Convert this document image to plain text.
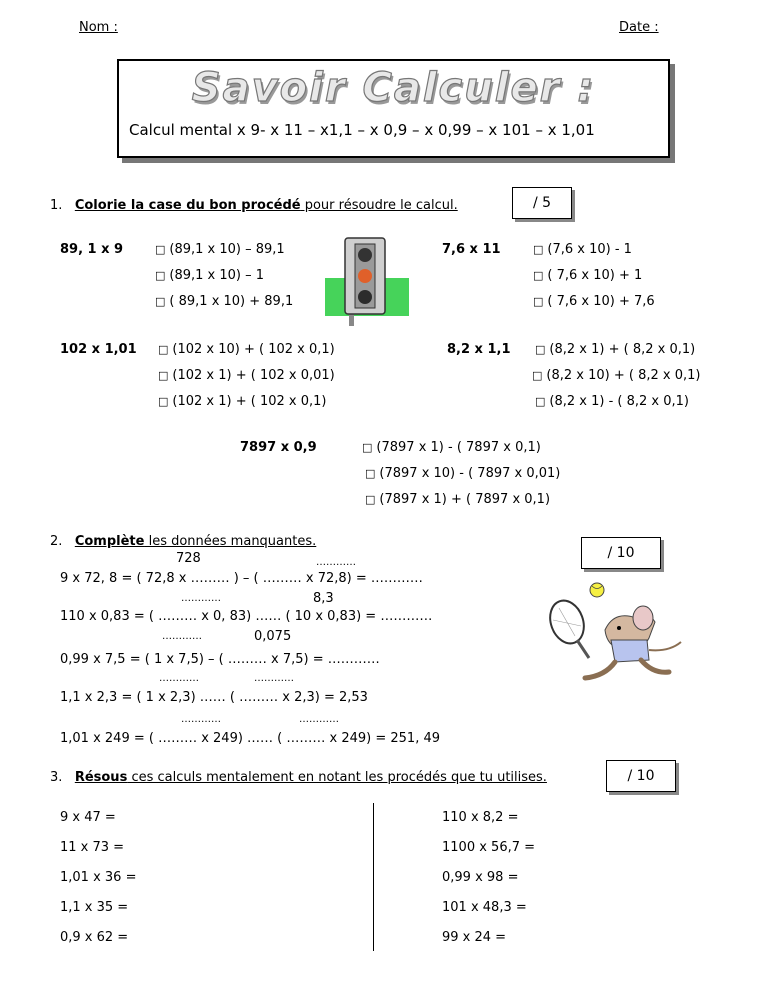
Nom :	Date :
Savoir Calculer :
Calcul mental x 9- x 11 – x1,1 – x 0,9 – x 0,99 – x 101 – x 1,01
1. Colorie la case du bon procédé pour résoudre le calcul.	/ 5
89, 1 x 9	□ (89,1 x 10) – 89,1
□ (89,1 x 10) – 1
□ ( 89,1 x 10) + 89,1
7,6 x 11	□ (7,6 x 10) - 1
□ ( 7,6 x 10) + 1
□ ( 7,6 x 10) + 7,6
102 x 1,01 □ (102 x 10) + ( 102 x 0,1)
□ (102 x 1) + ( 102 x 0,01)
□ (102 x 1) + ( 102 x 0,1)
8,2 x 1,1 □ (8,2 x 1) + ( 8,2 x 0,1)
□ (8,2 x 10) + ( 8,2 x 0,1)
□ (8,2 x 1) - ( 8,2 x 0,1)
7897 x 0,9	□ (7897 x 1) - ( 7897 x 0,1)
□ (7897 x 10) - ( 7897 x 0,01)
□ (7897 x 1) + ( 7897 x 0,1)
2. Complète les données manquantes.
/ 10
728	…………
9 x 72, 8 = ( 72,8 x ……… ) – ( ……… x 72,8) = …………
…………	8,3
110 x 0,83 = ( ……… x 0, 83) …… ( 10 x 0,83) = …………
…………	0,075
0,99 x 7,5 = ( 1 x 7,5) – ( ……… x 7,5) = …………
…………	…………
1,1 x 2,3 = ( 1 x 2,3) …… ( ……… x 2,3) = 2,53
…………	…………
1,01 x 249 = ( ……… x 249) …… ( ……… x 249) = 251, 49
3. Résous ces calculs mentalement en notant les procédés que tu utilises.	/ 10
9 x 47 =
11 x 73 =
1,01 x 36 =
1,1 x 35 =
0,9 x 62 =
110 x 8,2 =
1100 x 56,7 =
0,99 x 98 =
101 x 48,3 =
99 x 24 =
